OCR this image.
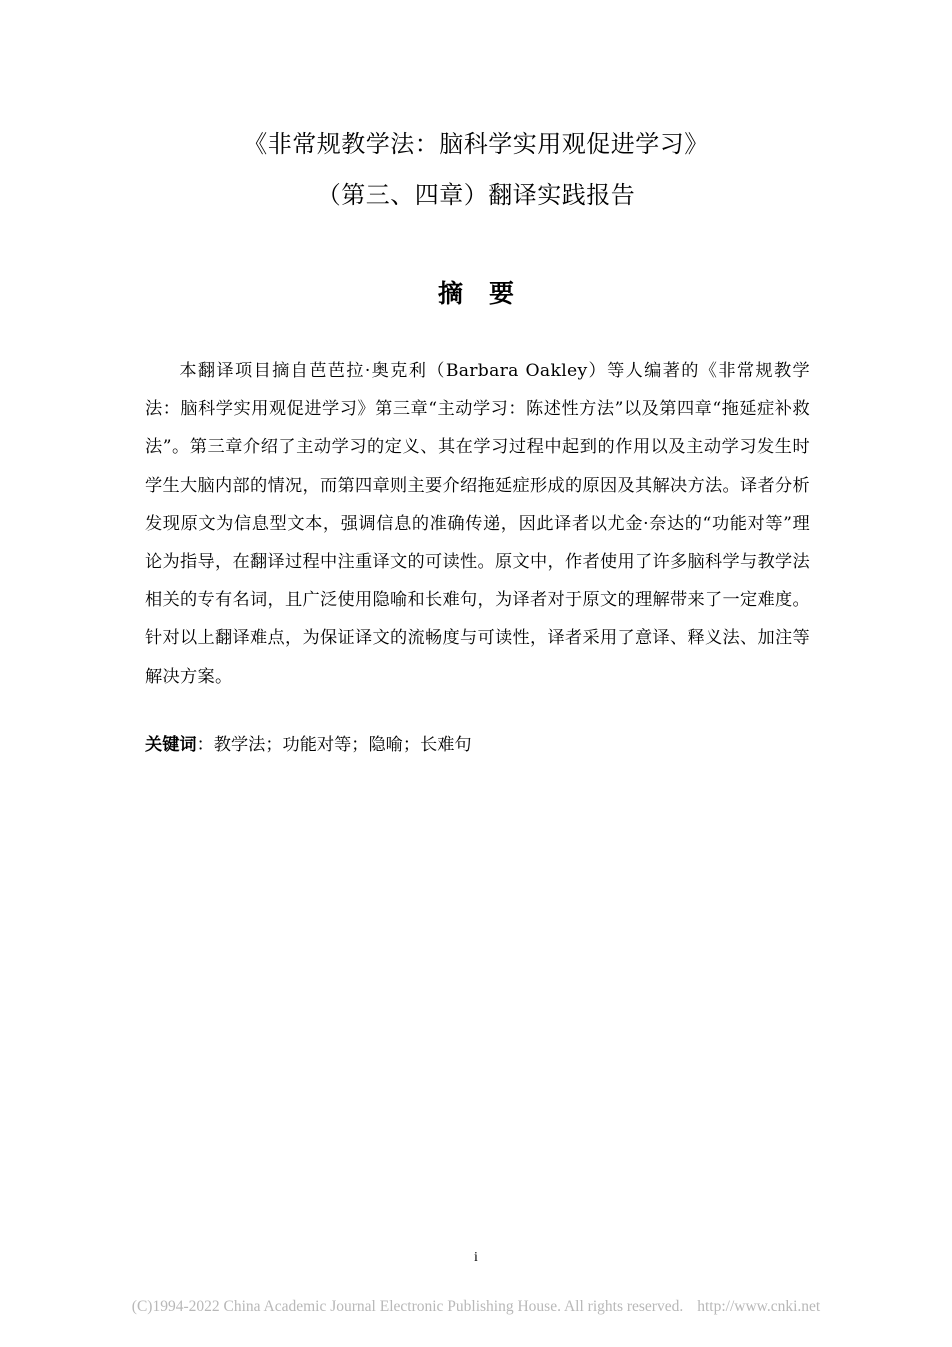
《非常规教学法：脑科学实用观促进学习》
（第三、四章）翻译实践报告
摘要

本翻译项目摘自芭芭拉·奥克利（Barbara Oakley）等人编著的《非常规教学法：脑科学实用观促进学习》第三章“主动学习：陈述性方法”以及第四章“拖延症补救法”。第三章介绍了主动学习的定义、其在学习过程中起到的作用以及主动学习发生时学生大脑内部的情况，而第四章则主要介绍拖延症形成的原因及其解决方法。译者分析发现原文为信息型文本，强调信息的准确传递，因此译者以尤金·奈达的“功能对等”理论为指导，在翻译过程中注重译文的可读性。原文中，作者使用了许多脑科学与教学法相关的专有名词，且广泛使用隐喻和长难句，为译者对于原文的理解带来了一定难度。针对以上翻译难点，为保证译文的流畅度与可读性，译者采用了意译、释义法、加注等解决方案。

关键词：教学法；功能对等；隐喻；长难句

i

(C)1994-2022 China Academic Journal Electronic Publishing House. All rights reserved. http://www.cnki.net
